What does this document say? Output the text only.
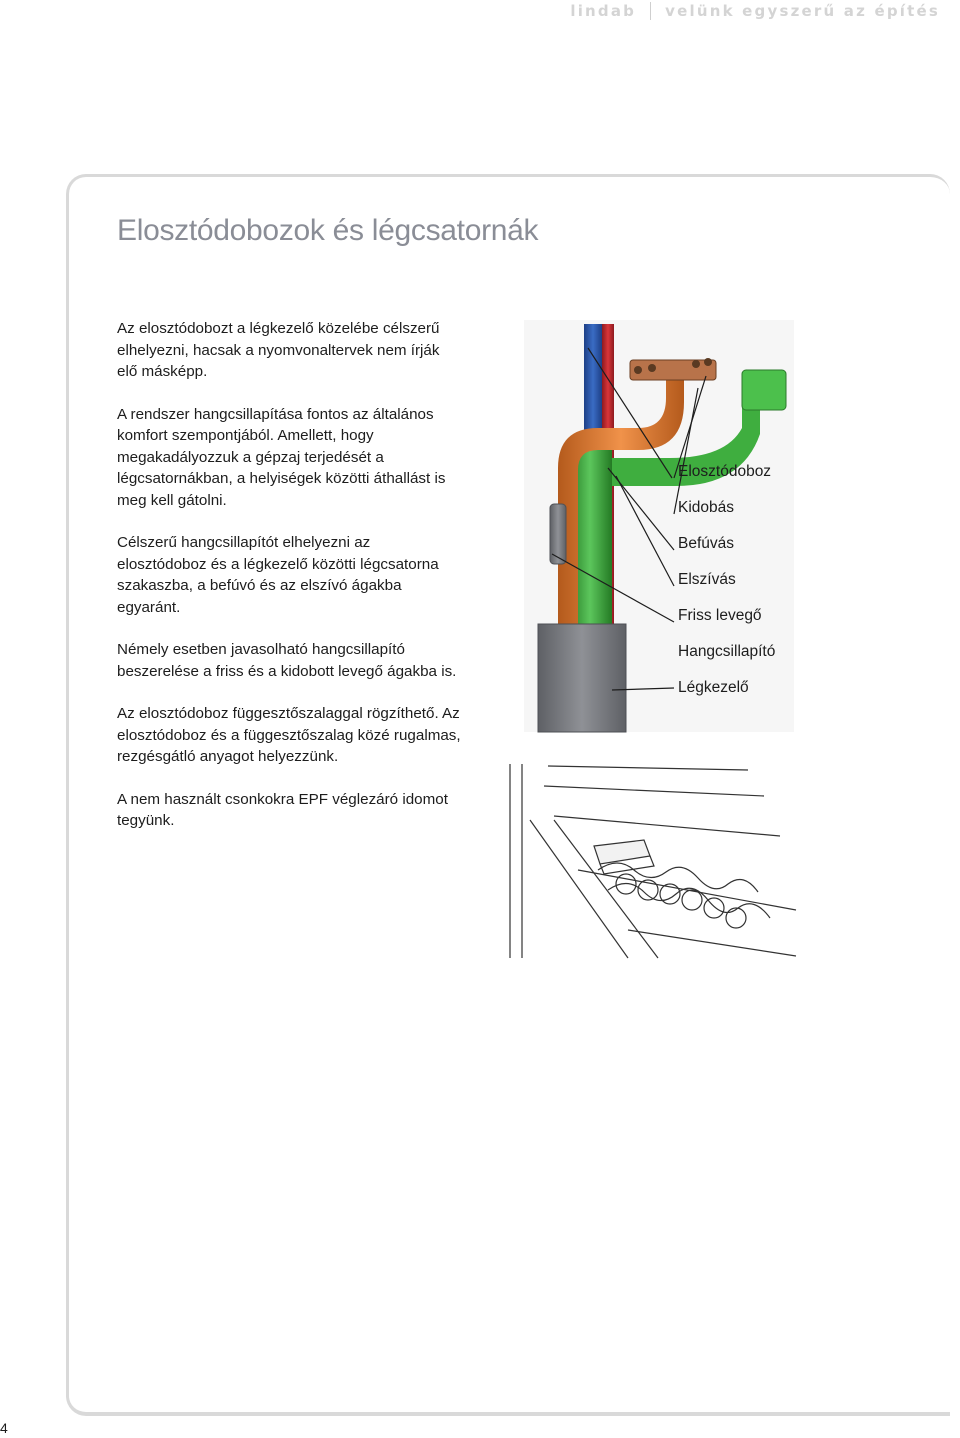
lindab velünk egyszerű az építés
Elosztódobozok és légcsatornák

Az elosztódobozt a légkezelő közelébe célszerű elhelyezni, hacsak a nyomvonaltervek nem írják elő másképp.

A rendszer hangcsillapítása fontos az általános komfort szempontjából. Amellett, hogy megakadályozzuk a gépzaj terjedését a légcsatornákban, a helyiségek közötti áthallást is meg kell gátolni.

Célszerű hangcsillapítót elhelyezni az elosztódoboz és a légkezelő közötti légcsatorna szakaszba, a befúvó és az elszívó ágakba egyaránt.

Némely esetben javasolható hangcsillapító beszerelése a friss és a kidobott levegő ágakba is.

Az elosztódoboz függesztőszalaggal rögzíthető. Az elosztódoboz és a függesztőszalag közé rugalmas, rezgésgátló anyagot helyezzünk.

A nem használt csonkokra EPF véglezáró idomot tegyünk.

Elosztódoboz
Kidobás
Befúvás
Elszívás
Friss levegő
Hangcsillapító
Légkezelő
4
